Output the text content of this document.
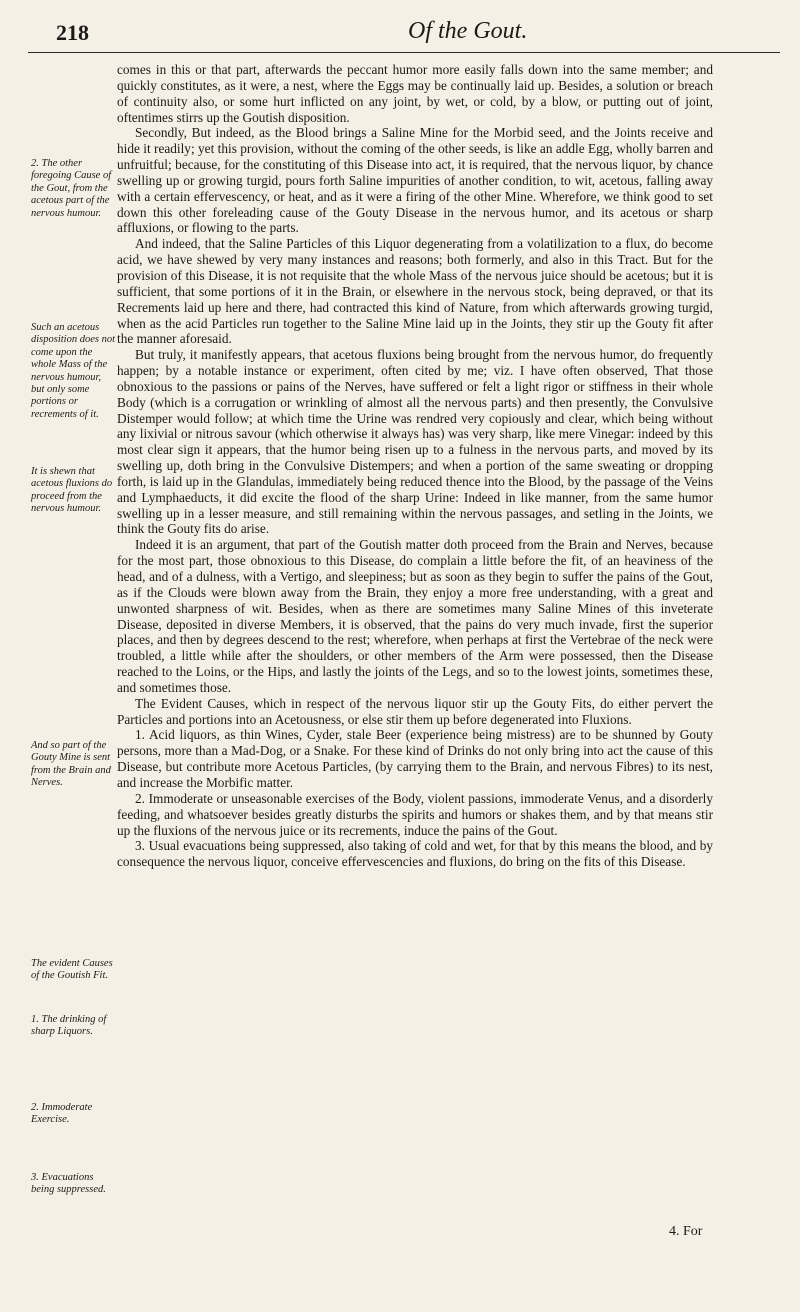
218	Of the Gout.
2. The other foregoing Cause of the Gout, from the acetous part of the nervous humour.
Such an acetous disposition does not come upon the whole Mass of the nervous humour, but only some portions or recrements of it.
It is shewn that acetous fluxions do proceed from the nervous humour.
And so part of the Gouty Mine is sent from the Brain and Nerves.
The evident Causes of the Goutish Fit.
1. The drinking of sharp Liquors.
2. Immoderate Exercise.
3. Evacuations being suppressed.

comes in this or that part, afterwards the peccant humor more easily falls down into the same member; and quickly constitutes, as it were, a nest, where the Eggs may be continually laid up. Besides, a solution or breach of continuity also, or some hurt inflicted on any joint, by wet, or cold, by a blow, or putting out of joint, oftentimes stirrs up the Goutish disposition.

Secondly, But indeed, as the Blood brings a Saline Mine for the Morbid seed, and the Joints receive and hide it readily; yet this provision, without the coming of the other seeds, is like an addle Egg, wholly barren and unfruitful; because, for the constituting of this Disease into act, it is required, that the nervous liquor, by chance swelling up or growing turgid, pours forth Saline impurities of another condition, to wit, acetous, falling away with a certain effervescency, or heat, and as it were a firing of the other Mine. Wherefore, we think good to set down this other foreleading cause of the Gouty Disease in the nervous humor, and its acetous or sharp affluxions, or flowing to the parts.

And indeed, that the Saline Particles of this Liquor degenerating from a volatilization to a flux, do become acid, we have shewed by very many instances and reasons; both formerly, and also in this Tract. But for the provision of this Disease, it is not requisite that the whole Mass of the nervous juice should be acetous; but it is sufficient, that some portions of it in the Brain, or elsewhere in the nervous stock, being depraved, or that its Recrements laid up here and there, had contracted this kind of Nature, from which afterwards growing turgid, when as the acid Particles run together to the Saline Mine laid up in the Joints, they stir up the Gouty fit after the manner aforesaid.

But truly, it manifestly appears, that acetous fluxions being brought from the nervous humor, do frequently happen; by a notable instance or experiment, often cited by me; viz. I have often observed, That those obnoxious to the passions or pains of the Nerves, have suffered or felt a light rigor or stiffness in their whole Body (which is a corrugation or wrinkling of almost all the nervous parts) and then presently, the Convulsive Distemper would follow; at which time the Urine was rendred very copiously and clear, which being without any lixivial or nitrous savour (which otherwise it always has) was very sharp, like mere Vinegar: indeed by this most clear sign it appears, that the humor being risen up to a fulness in the nervous parts, and moved by its swelling up, doth bring in the Convulsive Distempers; and when a portion of the same sweating or dropping forth, is laid up in the Glandulas, immediately being reduced thence into the Blood, by the passage of the Veins and Lymphaeducts, it did excite the flood of the sharp Urine: Indeed in like manner, from the same humor swelling up in a lesser measure, and still remaining within the nervous passages, and setling in the Joints, we think the Gouty fits do arise.

Indeed it is an argument, that part of the Goutish matter doth proceed from the Brain and Nerves, because for the most part, those obnoxious to this Disease, do complain a little before the fit, of an heaviness of the head, and of a dulness, with a Vertigo, and sleepiness; but as soon as they begin to suffer the pains of the Gout, as if the Clouds were blown away from the Brain, they enjoy a more free understanding, with a great and unwonted sharpness of wit. Besides, when as there are sometimes many Saline Mines of this inveterate Disease, deposited in diverse Members, it is observed, that the pains do very much invade, first the superior places, and then by degrees descend to the rest; wherefore, when perhaps at first the Vertebrae of the neck were troubled, a little while after the shoulders, or other members of the Arm were possessed, then the Disease reached to the Loins, or the Hips, and lastly the joints of the Legs, and so to the lowest joints, sometimes these, and sometimes those.

The Evident Causes, which in respect of the nervous liquor stir up the Gouty Fits, do either pervert the Particles and portions into an Acetousness, or else stir them up before degenerated into Fluxions.

1. Acid liquors, as thin Wines, Cyder, stale Beer (experience being mistress) are to be shunned by Gouty persons, more than a Mad-Dog, or a Snake. For these kind of Drinks do not only bring into act the cause of this Disease, but contribute more Acetous Particles, (by carrying them to the Brain, and nervous Fibres) to its nest, and increase the Morbific matter.

2. Immoderate or unseasonable exercises of the Body, violent passions, immoderate Venus, and a disorderly feeding, and whatsoever besides greatly disturbs the spirits and humors or shakes them, and by that means stir up the fluxions of the nervous juice or its recrements, induce the pains of the Gout.

3. Usual evacuations being suppressed, also taking of cold and wet, for that by this means the blood, and by consequence the nervous liquor, conceive effervescencies and fluxions, do bring on the fits of this Disease.

4. For
